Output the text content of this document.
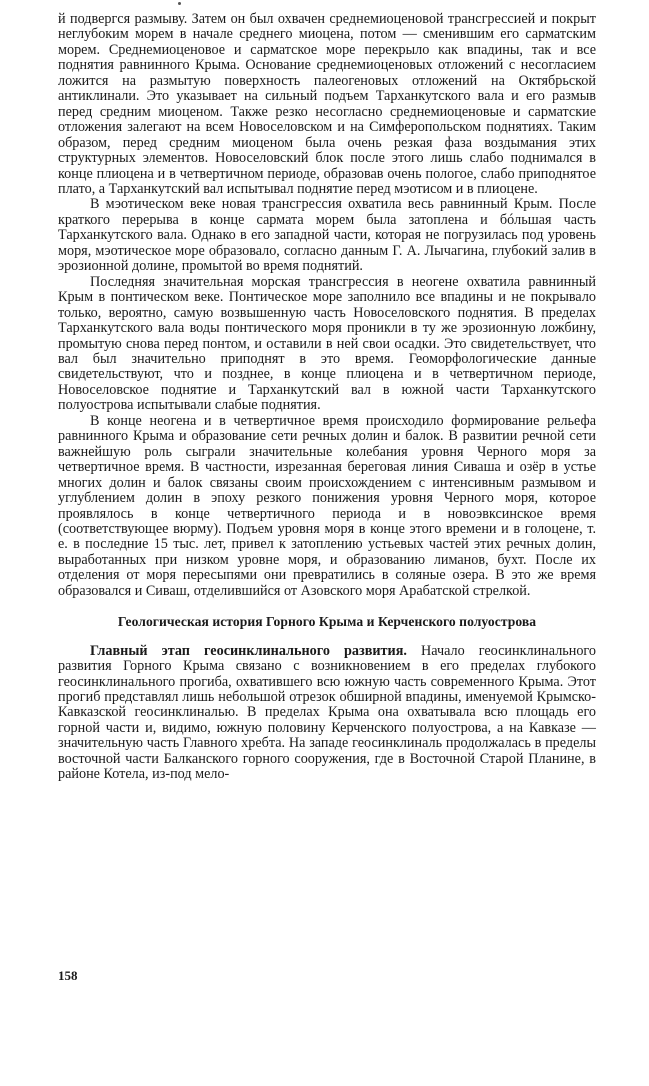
й подвергся размыву. Затем он был охвачен среднемиоценовой трансгрессией и покрыт неглубоким морем в начале среднего миоцена, потом — сменившим его сарматским морем. Среднемиоценовое и сарматское море перекрыло как впадины, так и все поднятия равнинного Крыма. Основание среднемиоценовых отложений с несогласием ложится на размытую поверхность палеогеновых отложений на Октябрьской антиклинали. Это указывает на сильный подъем Тарханкутского вала и его размыв перед средним миоценом. Также резко несогласно среднемиоценовые и сарматские отложения залегают на всем Новоселовском и на Симферопольском поднятиях. Таким образом, перед средним миоценом была очень резкая фаза воздымания этих структурных элементов. Новоселовский блок после этого лишь слабо поднимался в конце плиоцена и в четвертичном периоде, образовав очень пологое, слабо приподнятое плато, а Тарханкутский вал испытывал поднятие перед мэотисом и в плиоцене.

В мэотическом веке новая трансгрессия охватила весь равнинный Крым. После краткого перерыва в конце сармата морем была затоплена и бóльшая часть Тарханкутского вала. Однако в его западной части, которая не погрузилась под уровень моря, мэотическое море образовало, согласно данным Г. А. Лычагина, глубокий залив в эрозионной долине, промытой во время поднятий.

Последняя значительная морская трансгрессия в неогене охватила равнинный Крым в понтическом веке. Понтическое море заполнило все впадины и не покрывало только, вероятно, самую возвышенную часть Новоселовского поднятия. В пределах Тарханкутского вала воды понтического моря проникли в ту же эрозионную ложбину, промытую снова перед понтом, и оставили в ней свои осадки. Это свидетельствует, что вал был значительно приподнят в это время. Геоморфологические данные свидетельствуют, что и позднее, в конце плиоцена и в четвертичном периоде, Новоселовское поднятие и Тарханкутский вал в южной части Тарханкутского полуострова испытывали слабые поднятия.

В конце неогена и в четвертичное время происходило формирование рельефа равнинного Крыма и образование сети речных долин и балок. В развитии речной сети важнейшую роль сыграли значительные колебания уровня Черного моря за четвертичное время. В частности, изрезанная береговая линия Сиваша и озёр в устье многих долин и балок связаны своим происхождением с интенсивным размывом и углублением долин в эпоху резкого понижения уровня Черного моря, которое проявлялось в конце четвертичного периода и в новоэвксинское время (соответствующее вюрму). Подъем уровня моря в конце этого времени и в голоцене, т. е. в последние 15 тыс. лет, привел к затоплению устьевых частей этих речных долин, выработанных при низком уровне моря, и образованию лиманов, бухт. После их отделения от моря пересыпями они превратились в соляные озера. В это же время образовался и Сиваш, отделившийся от Азовского моря Арабатской стрелкой.

Геологическая история Горного Крыма и Керченского полуострова

Главный этап геосинклинального развития. Начало геосинклинального развития Горного Крыма связано с возникновением в его пределах глубокого геосинклинального прогиба, охватившего всю южную часть современного Крыма. Этот прогиб представлял лишь небольшой отрезок обширной впадины, именуемой Крымско-Кавказской геосинклиналью. В пределах Крыма она охватывала всю площадь его горной части и, видимо, южную половину Керченского полуострова, а на Кавказе — значительную часть Главного хребта. На западе геосинклиналь продолжалась в пределы восточной части Балканского горного сооружения, где в Восточной Старой Планине, в районе Котела, из-под мело-

158
